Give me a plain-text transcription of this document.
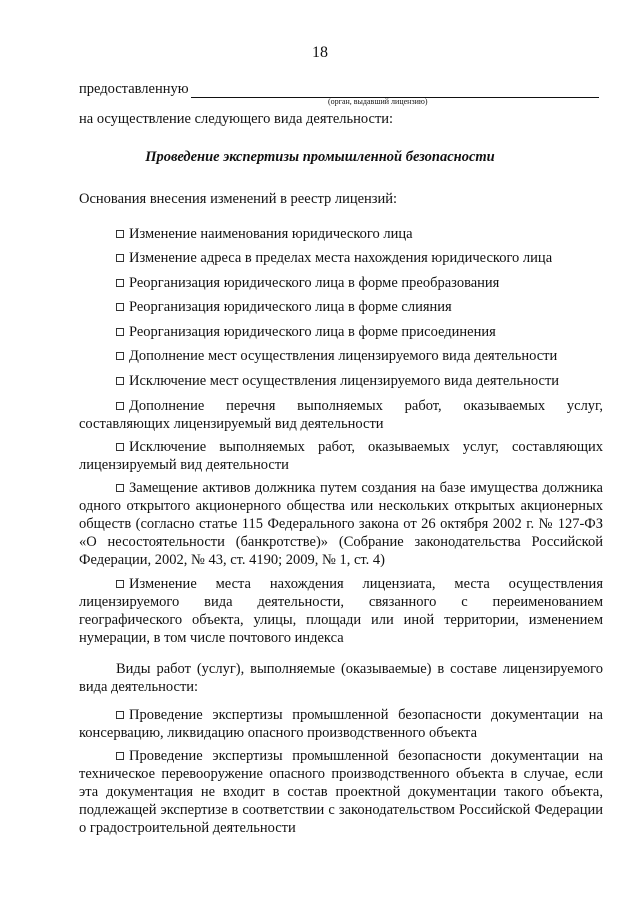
18
предоставленную
(орган, выдавший лицензию)
на осуществление следующего вида деятельности:
Проведение экспертизы промышленной безопасности
Основания внесения изменений в реестр лицензий:
Изменение наименования юридического лица
Изменение адреса в пределах места нахождения юридического лица
Реорганизация юридического лица в форме преобразования
Реорганизация юридического лица в форме слияния
Реорганизация юридического лица в форме присоединения
Дополнение мест осуществления лицензируемого вида деятельности
Исключение мест осуществления лицензируемого вида деятельности
Дополнение перечня выполняемых работ, оказываемых услуг, составляющих лицензируемый вид деятельности
Исключение выполняемых работ, оказываемых услуг, составляющих лицензируемый вид деятельности
Замещение активов должника путем создания на базе имущества должника одного открытого акционерного общества или нескольких открытых акционерных обществ (согласно статье 115 Федерального закона от 26 октября 2002 г. № 127-ФЗ «О несостоятельности (банкротстве)» (Собрание законодательства Российской Федерации, 2002, № 43, ст. 4190; 2009, № 1, ст. 4)
Изменение места нахождения лицензиата, места осуществления лицензируемого вида деятельности, связанного с переименованием географического объекта, улицы, площади или иной территории, изменением нумерации, в том числе почтового индекса
Виды работ (услуг), выполняемые (оказываемые) в составе лицензируемого вида деятельности:
Проведение экспертизы промышленной безопасности документации на консервацию, ликвидацию опасного производственного объекта
Проведение экспертизы промышленной безопасности документации на техническое перевооружение опасного производственного объекта в случае, если эта документация не входит в состав проектной документации такого объекта, подлежащей экспертизе в соответствии с законодательством Российской Федерации о градостроительной деятельности
